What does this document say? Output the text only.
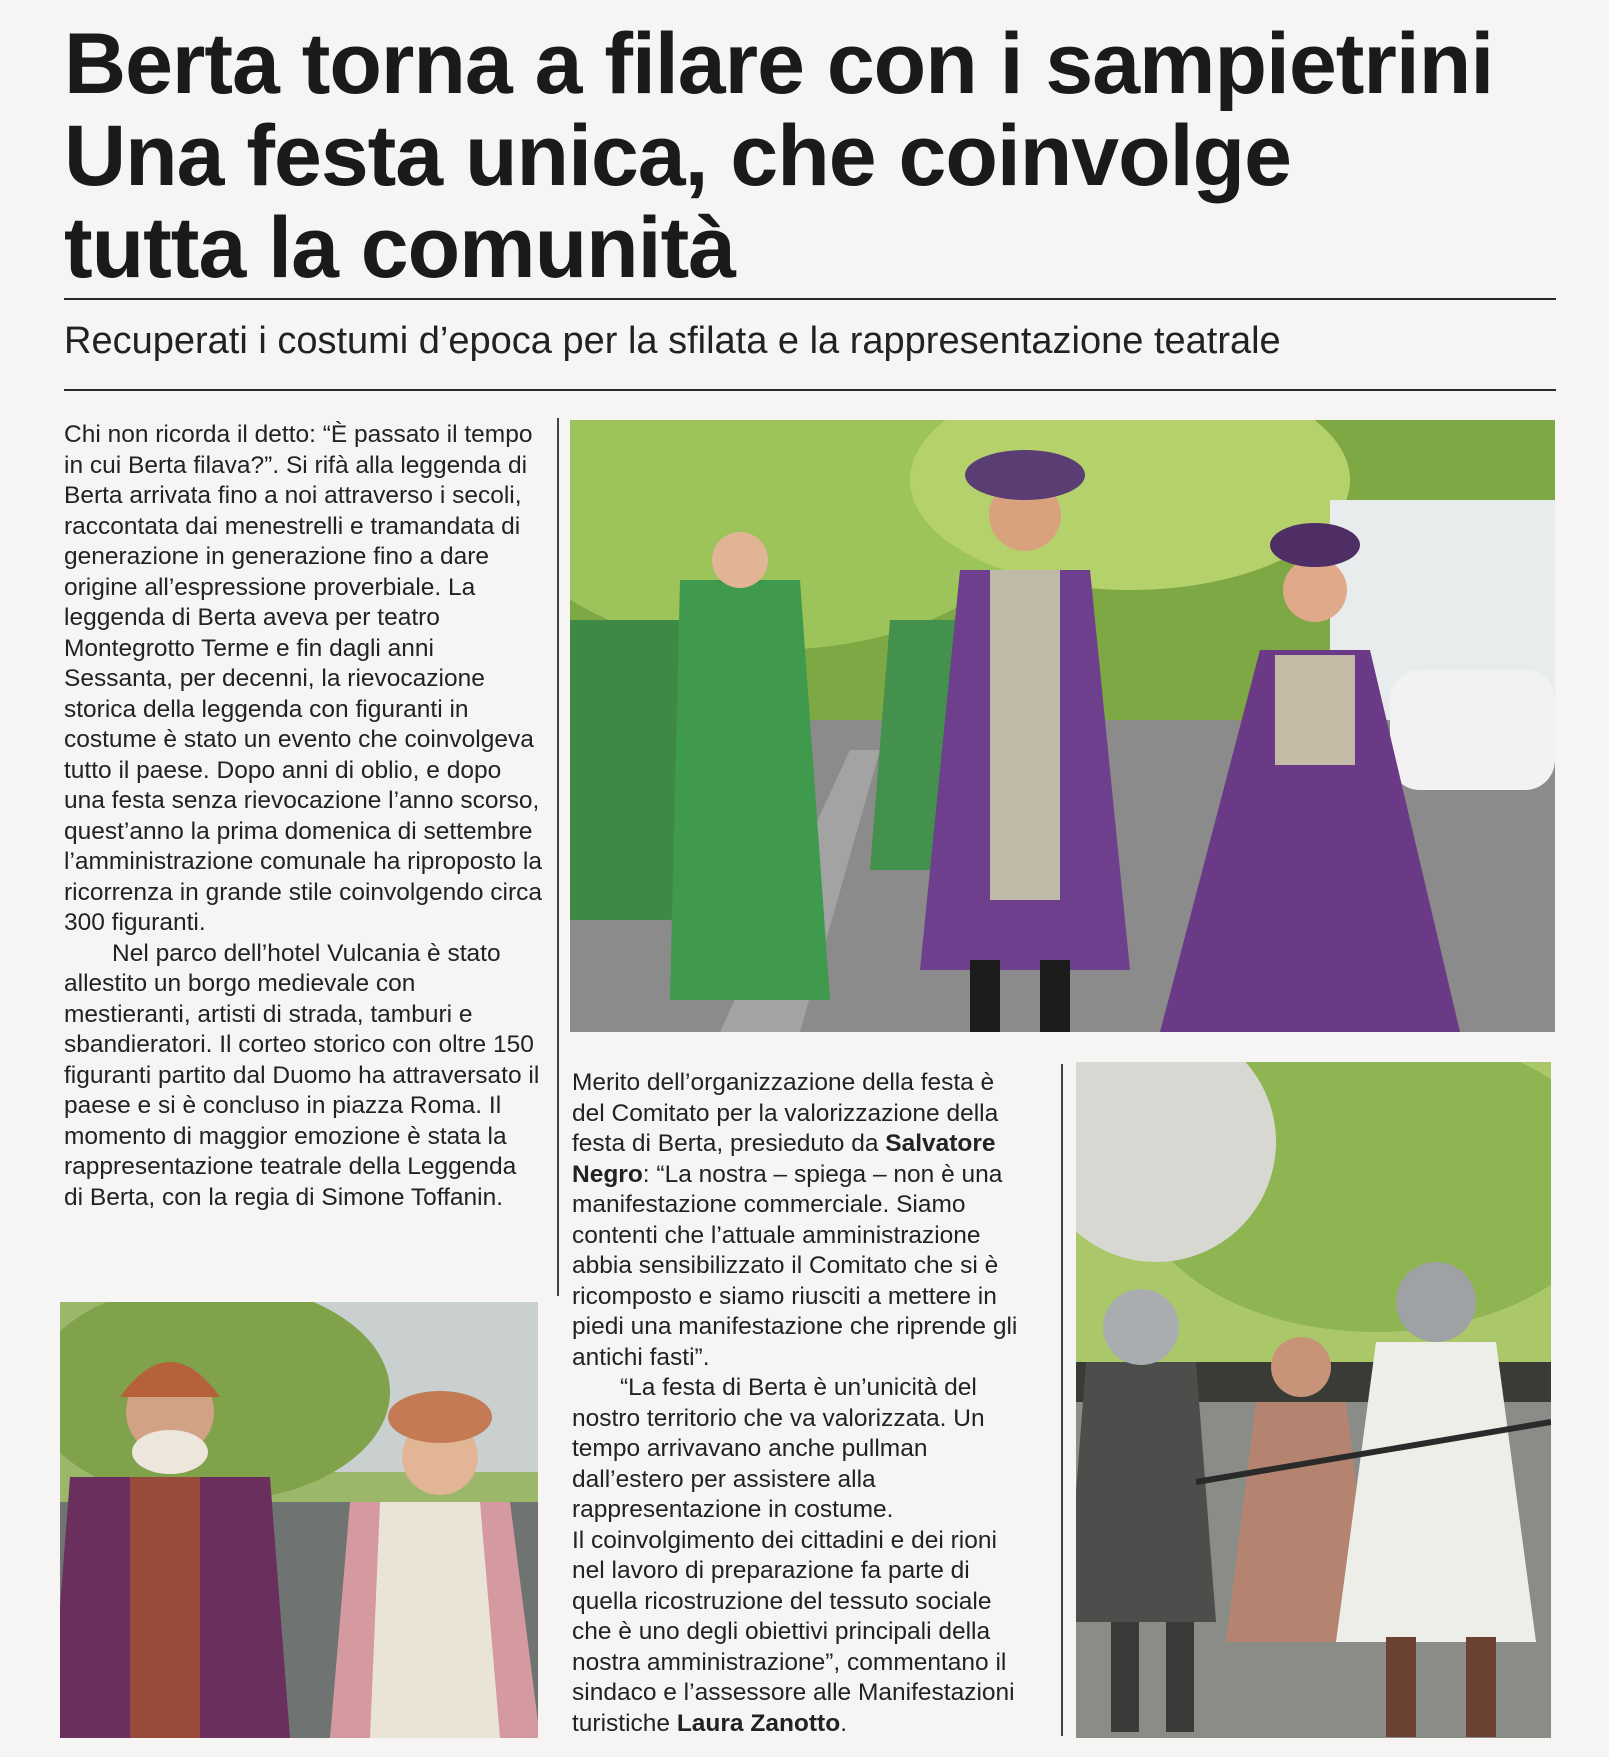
Berta torna a filare con i sampietrini
Una festa unica, che coinvolge
tutta la comunità
Recuperati i costumi d’epoca per la sfilata e la rappresentazione teatrale

Chi non ricorda il detto: “È passato il tempo in cui Berta filava?”. Si rifà alla leggenda di Berta arrivata fino a noi attraverso i secoli, raccontata dai menestrelli e tramandata di generazione in generazione fino a dare origine all’espressione proverbiale. La leggenda di Berta aveva per teatro Montegrotto Terme e fin dagli anni Sessanta, per decenni, la rievocazione storica della leggenda con figuranti in costume è stato un evento che coinvolgeva tutto il paese. Dopo anni di oblio, e dopo una festa senza rievocazione l’anno scorso, quest’anno la prima domenica di settembre l’amministrazione comunale ha riproposto la ricorrenza in grande stile coinvolgendo circa 300 figuranti.

Nel parco dell’hotel Vulcania è stato allestito un borgo medievale con mestieranti, artisti di strada, tamburi e sbandieratori. Il corteo storico con oltre 150 figuranti partito dal Duomo ha attraversato il paese e si è concluso in piazza Roma. Il momento di maggior emozione è stata la rappresentazione teatrale della Leggenda di Berta, con la regia di Simone Toffanin.

Merito dell’organizzazione della festa è del Comitato per la valorizzazione della festa di Berta, presieduto da Salvatore Negro: “La nostra – spiega – non è una manifestazione commerciale. Siamo contenti che l’attuale amministrazione abbia sensibilizzato il Comitato che si è ricomposto e siamo riusciti a mettere in piedi una manifestazione che riprende gli antichi fasti”.

“La festa di Berta è un’unicità del nostro territorio che va valorizzata. Un tempo arrivavano anche pullman dall’estero per assistere alla rappresentazione in costume.

Il coinvolgimento dei cittadini e dei rioni nel lavoro di preparazione fa parte di quella ricostruzione del tessuto sociale che è uno degli obiettivi principali della nostra amministrazione”, commentano il sindaco e l’assessore alle Manifestazioni turistiche Laura Zanotto.
